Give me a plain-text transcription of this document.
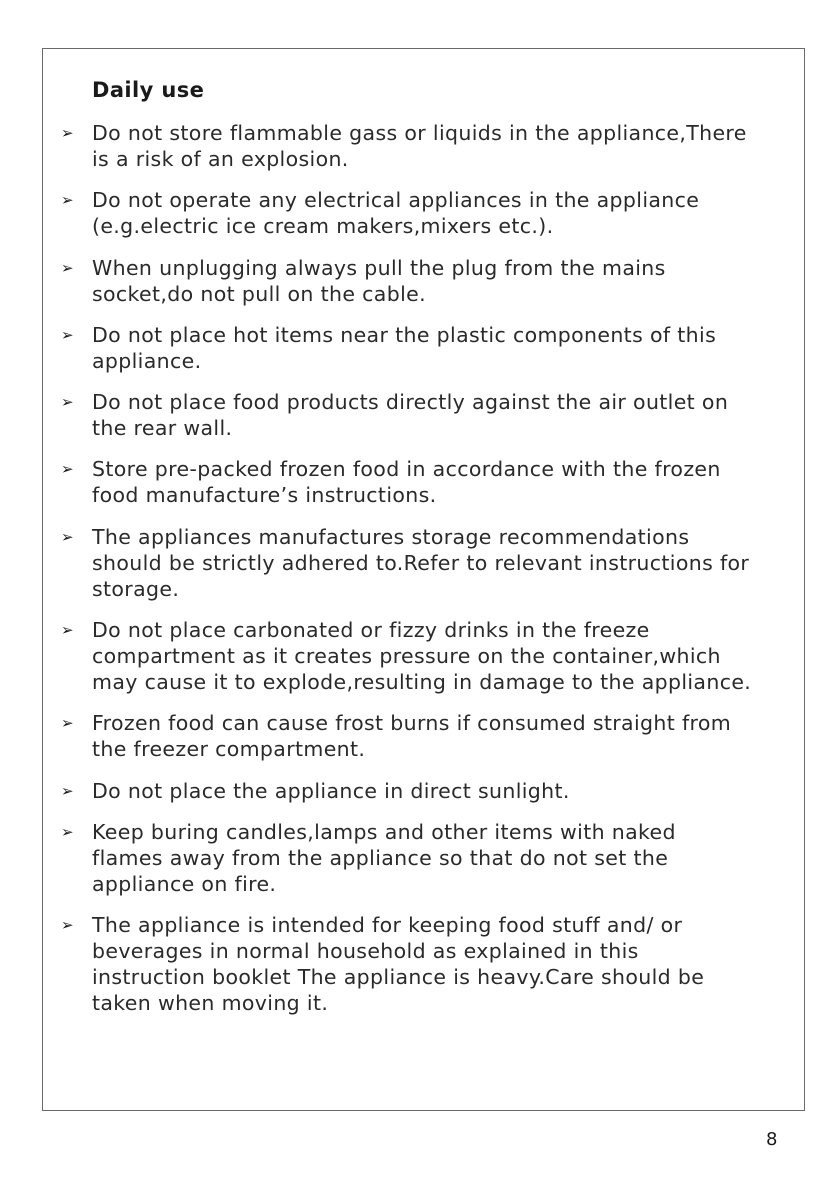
Daily use
➢ Do not store flammable gass or liquids in the appliance,There is a risk of an explosion.
➢ Do not operate any electrical appliances in the appliance (e.g.electric ice cream makers,mixers etc.).
➢ When unplugging always pull the plug from the mains socket,do not pull on the cable.
➢ Do not place hot items near the plastic components of this appliance.
➢ Do not place food products directly against the air outlet on the rear wall.
➢ Store pre-packed frozen food in accordance with the frozen food manufacture’s instructions.
➢ The appliances manufactures storage recommendations should be strictly adhered to.Refer to relevant instructions for storage.
➢ Do not place carbonated or fizzy drinks in the freeze compartment as it creates pressure on the container,which may cause it to explode,resulting in damage to the appliance.
➢ Frozen food can cause frost burns if consumed straight from the freezer compartment.
➢ Do not place the appliance in direct sunlight.
➢ Keep buring candles,lamps and other items with naked flames away from the appliance so that do not set the appliance on fire.
➢ The appliance is intended for keeping food stuff and/ or beverages in normal household as explained in this instruction booklet The appliance is heavy.Care should be taken when moving it.
8
